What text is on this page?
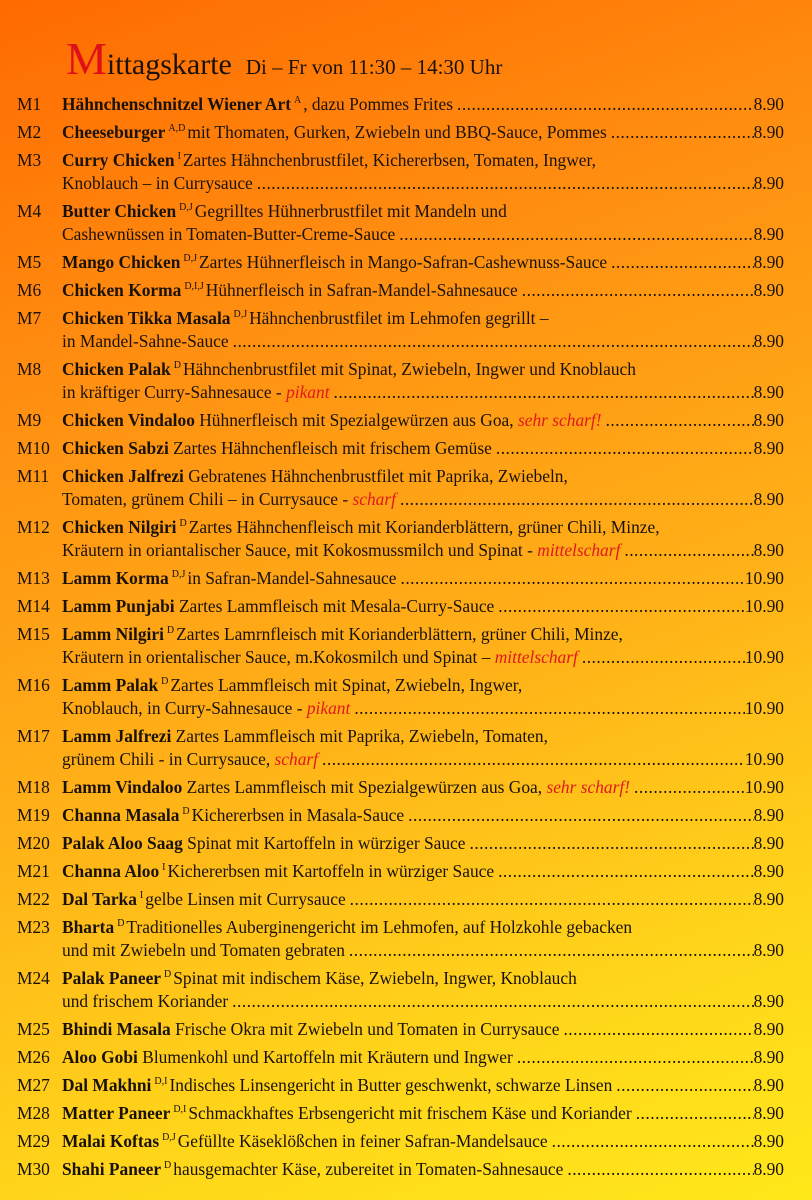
Mittagskarte Di – Fr von 11:30 – 14:30 Uhr
M1 Hähnchenschnitzel Wiener Art $^A$ , dazu Pommes Frites .....	8.90
M2 Cheeseburger $^{A,D}$ mit Thomaten, Gurken, Zwiebeln und BBQ-Sauce, Pommes .....	8.90
M3 Curry Chicken $^I$ Zartes Hähnchenbrustfilet, Kichererbsen, Tomaten, Ingwer,
Knoblauch – in Currysauce .....	8.90
M4 Butter Chicken $^{D,J}$ Gegrilltes Hühnerbrustfilet mit Mandeln und
Cashewnüssen in Tomaten-Butter-Creme-Sauce .....	8.90
M5 Mango Chicken $^{D,J}$ Zartes Hühnerfleisch in Mango-Safran-Cashewnuss-Sauce .....	8.90
M6 Chicken Korma $^{D,I,J}$ Hühnerfleisch in Safran-Mandel-Sahnesauce .....	8.90
M7 Chicken Tikka Masala $^{D,J}$ Hähnchenbrustfilet im Lehmofen gegrillt –
in Mandel-Sahne-Sauce .....	8.90
M8 Chicken Palak $^D$ Hähnchenbrustfilet mit Spinat, Zwiebeln, Ingwer und Knoblauch
in kräftiger Curry-Sahnesauce - pikant .....	8.90
M9 Chicken Vindaloo Hühnerfleisch mit Spezialgewürzen aus Goa, sehr scharf! .....	8.90
M10 Chicken Sabzi Zartes Hähnchenfleisch mit frischem Gemüse .....	8.90
M11 Chicken Jalfrezi Gebratenes Hähnchenbrustfilet mit Paprika, Zwiebeln,
Tomaten, grünem Chili – in Currysauce - scharf .....	8.90
M12 Chicken Nilgiri $^D$ Zartes Hähnchenfleisch mit Korianderblättern, grüner Chili, Minze,
Kräutern in oriantalischer Sauce, mit Kokosmussmilch und Spinat - mittelscharf .....	8.90
M13 Lamm Korma $^{D,J}$ in Safran-Mandel-Sahnesauce .....	10.90
M14 Lamm Punjabi Zartes Lammfleisch mit Mesala-Curry-Sauce .....	10.90
M15 Lamm Nilgiri $^D$ Zartes Lamrnfleisch mit Korianderblättern, grüner Chili, Minze,
Kräutern in orientalischer Sauce, m.Kokosmilch und Spinat – mittelscharf .....	10.90
M16 Lamm Palak $^D$ Zartes Lammfleisch mit Spinat, Zwiebeln, Ingwer,
Knoblauch, in Curry-Sahnesauce - pikant .....	10.90
M17 Lamm Jalfrezi Zartes Lammfleisch mit Paprika, Zwiebeln, Tomaten,
grünem Chili - in Currysauce, scharf .....	10.90
M18 Lamm Vindaloo Zartes Lammfleisch mit Spezialgewürzen aus Goa, sehr scharf! .....	10.90
M19 Channa Masala $^D$ Kichererbsen in Masala-Sauce .....	8.90
M20 Palak Aloo Saag Spinat mit Kartoffeln in würziger Sauce .....	8.90
M21 Channa Aloo $^I$ Kichererbsen mit Kartoffeln in würziger Sauce .....	8.90
M22 Dal Tarka $^I$ gelbe Linsen mit Currysauce .....	8.90
M23 Bharta $^D$ Traditionelles Auberginengericht im Lehmofen, auf Holzkohle gebacken
und mit Zwiebeln und Tomaten gebraten .....	8.90
M24 Palak Paneer $^D$ Spinat mit indischem Käse, Zwiebeln, Ingwer, Knoblauch
und frischem Koriander .....	8.90
M25 Bhindi Masala Frische Okra mit Zwiebeln und Tomaten in Currysauce .....	8.90
M26 Aloo Gobi Blumenkohl und Kartoffeln mit Kräutern und Ingwer .....	8.90
M27 Dal Makhni $^{D,I}$ Indisches Linsengericht in Butter geschwenkt, schwarze Linsen .....	8.90
M28 Matter Paneer $^{D,I}$ Schmackhaftes Erbsengericht mit frischem Käse und Koriander .....	8.90
M29 Malai Koftas $^{D,J}$ Gefüllte Käseklößchen in feiner Safran-Mandelsauce .....	8.90
M30 Shahi Paneer $^D$ hausgemachter Käse, zubereitet in Tomaten-Sahnesauce .....	8.90
